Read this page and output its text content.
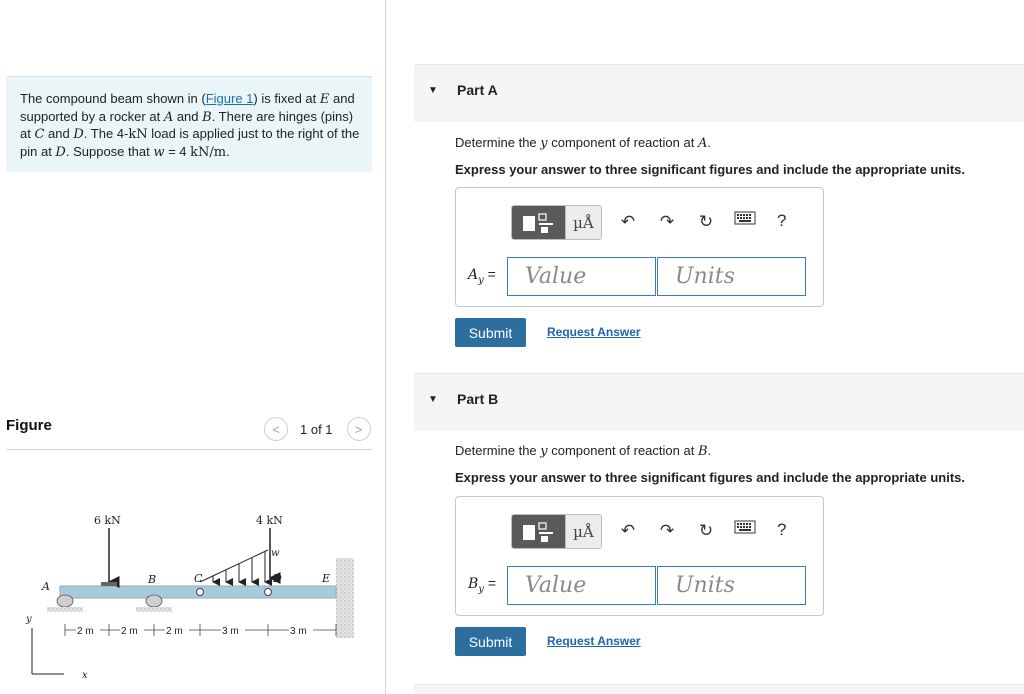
The compound beam shown in (Figure 1) is fixed at E and supported by a rocker at A and B. There are hinges (pins) at C and D. The 4-kN load is applied just to the right of the pin at D. Suppose that w = 4 kN/m.
Figure	<	1 of 1	>
6 kN	4 kN
w
A
B	C	D	E
y
x
2 m	2 m	2 m	3 m	3 m
▼ Part A
Determine the y component of reaction at A.
Express your answer to three significant figures and include the appropriate units.
µÅ ↶ ↷ ↻	?
$A_y$ =	Value	Units
Submit	Request Answer
▼ Part B
Determine the y component of reaction at B.
Express your answer to three significant figures and include the appropriate units.
µÅ ↶ ↷ ↻	?
$B_y$ =	Value	Units
Submit	Request Answer
